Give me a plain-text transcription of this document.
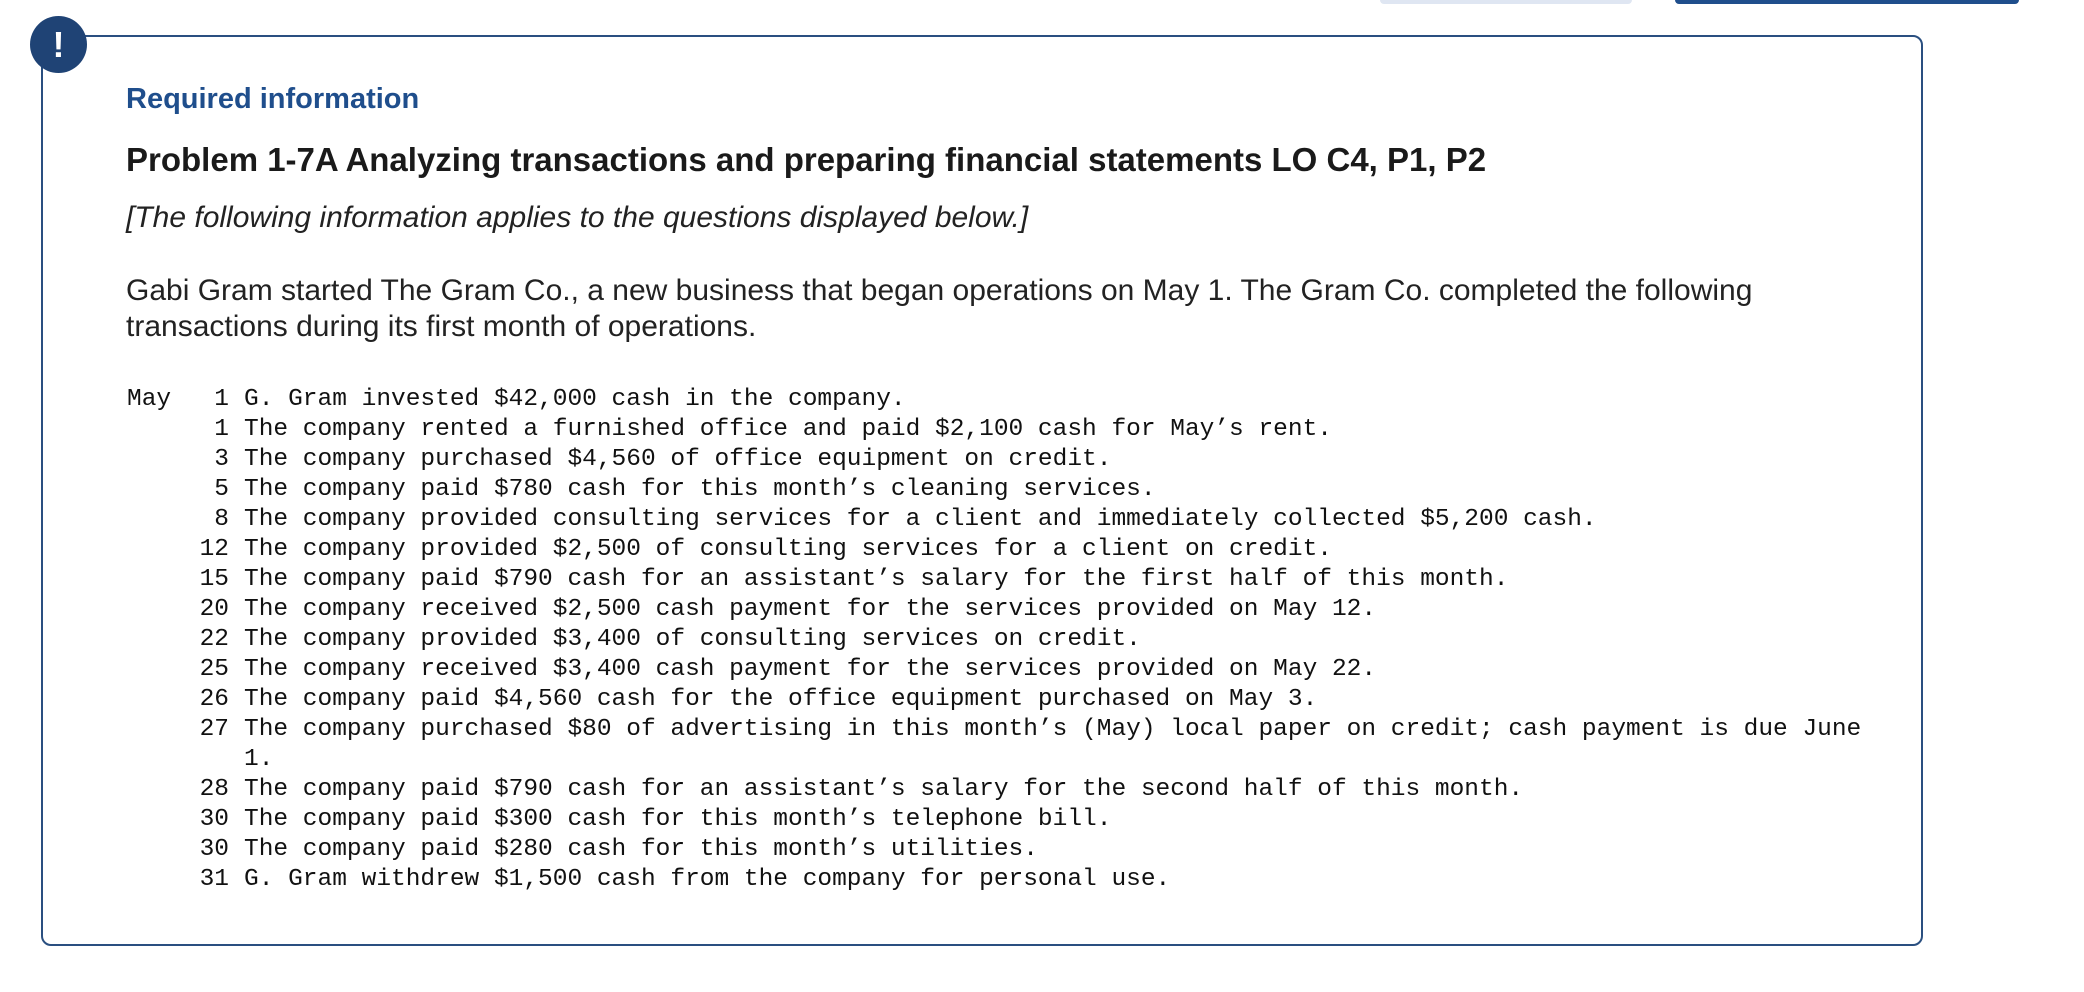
!
Required information
Problem 1-7A Analyzing transactions and preparing financial statements LO C4, P1, P2
[The following information applies to the questions displayed below.]
Gabi Gram started The Gram Co., a new business that began operations on May 1. The Gram Co. completed the following transactions during its first month of operations.
May	1 G. Gram invested $42,000 cash in the company.
1 The company rented a furnished office and paid $2,100 cash for May’s rent.
3 The company purchased $4,560 of office equipment on credit.
5 The company paid $780 cash for this month’s cleaning services.
8 The company provided consulting services for a client and immediately collected $5,200 cash.
12 The company provided $2,500 of consulting services for a client on credit.
15 The company paid $790 cash for an assistant’s salary for the first half of this month.
20 The company received $2,500 cash payment for the services provided on May 12.
22 The company provided $3,400 of consulting services on credit.
25 The company received $3,400 cash payment for the services provided on May 22.
26 The company paid $4,560 cash for the office equipment purchased on May 3.
27 The company purchased $80 of advertising in this month’s (May) local paper on credit; cash payment is due June 1.
28 The company paid $790 cash for an assistant’s salary for the second half of this month.
30 The company paid $300 cash for this month’s telephone bill.
30 The company paid $280 cash for this month’s utilities.
31 G. Gram withdrew $1,500 cash from the company for personal use.
